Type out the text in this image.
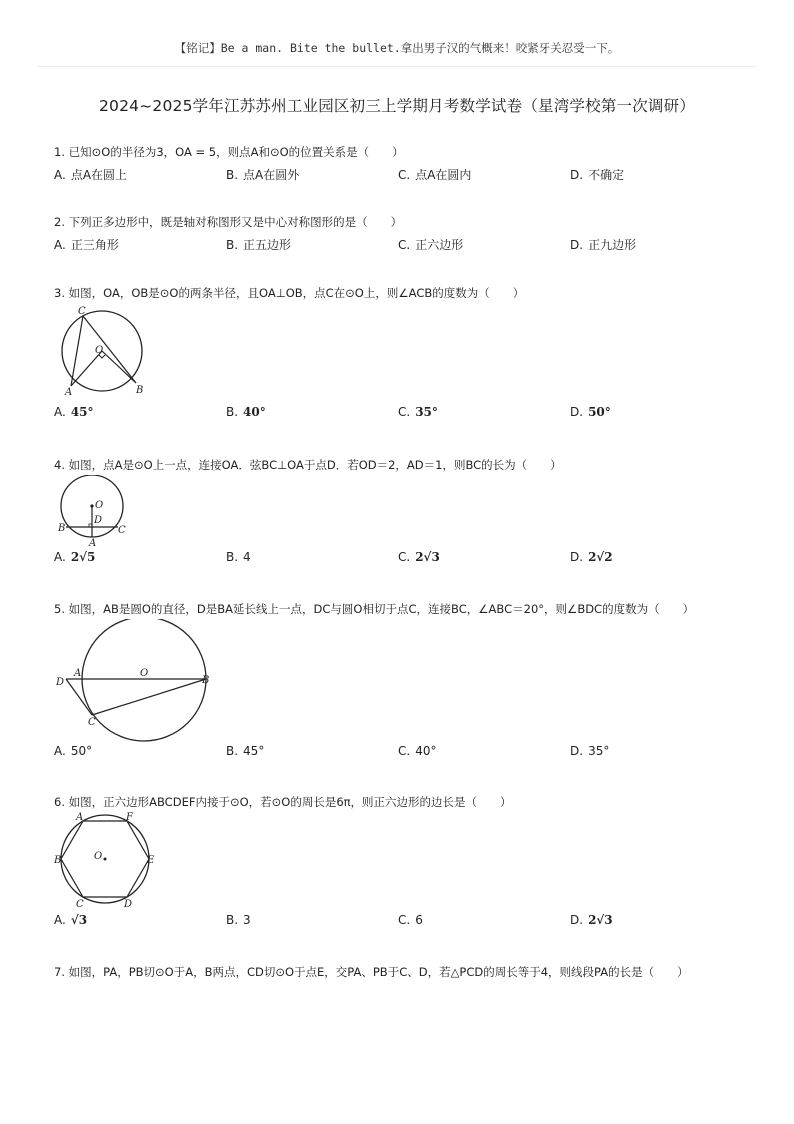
【铭记】Be a man. Bite the bullet.拿出男子汉的气概来！咬紧牙关忍受一下。
2024~2025学年江苏苏州工业园区初三上学期月考数学试卷（星湾学校第一次调研）
1. 已知⊙O的半径为3，OA = 5，则点A和⊙O的位置关系是（　　）
A. 点A在圆上	B. 点A在圆外	C. 点A在圆内	D. 不确定
2. 下列正多边形中，既是轴对称图形又是中心对称图形的是（　　）
A. 正三角形	B. 正五边形	C. 正六边形	D. 正九边形
3. 如图，OA，OB是⊙O的两条半径，且OA⊥OB，点C在⊙O上，则∠ACB的度数为（　　）
C
O
A	B
A. 45°	B. 40°	C. 35°	D. 50°
4. 如图，点A是⊙O上一点，连接OA．弦BC⊥OA于点D．若OD＝2，AD＝1，则BC的长为（　　）
O
D
B	C
A
A. 2√5	B. 4	C. 2√3	D. 2√2
5. 如图，AB是圆O的直径，D是BA延长线上一点，DC与圆O相切于点C，连接BC，∠ABC＝20°，则∠BDC的度数为（　　）
D
A	O
B
C
A. 50°	B. 45°	C. 40°	D. 35°
6. 如图，正六边形ABCDEF内接于⊙O，若⊙O的周长是6π，则正六边形的边长是（　　）
A	F
B	O	E
C	D
A. √3	B. 3	C. 6	D. 2√3
7. 如图，PA，PB切⊙O于A，B两点，CD切⊙O于点E，交PA、PB于C、D，若△PCD的周长等于4，则线段PA的长是（　　）
